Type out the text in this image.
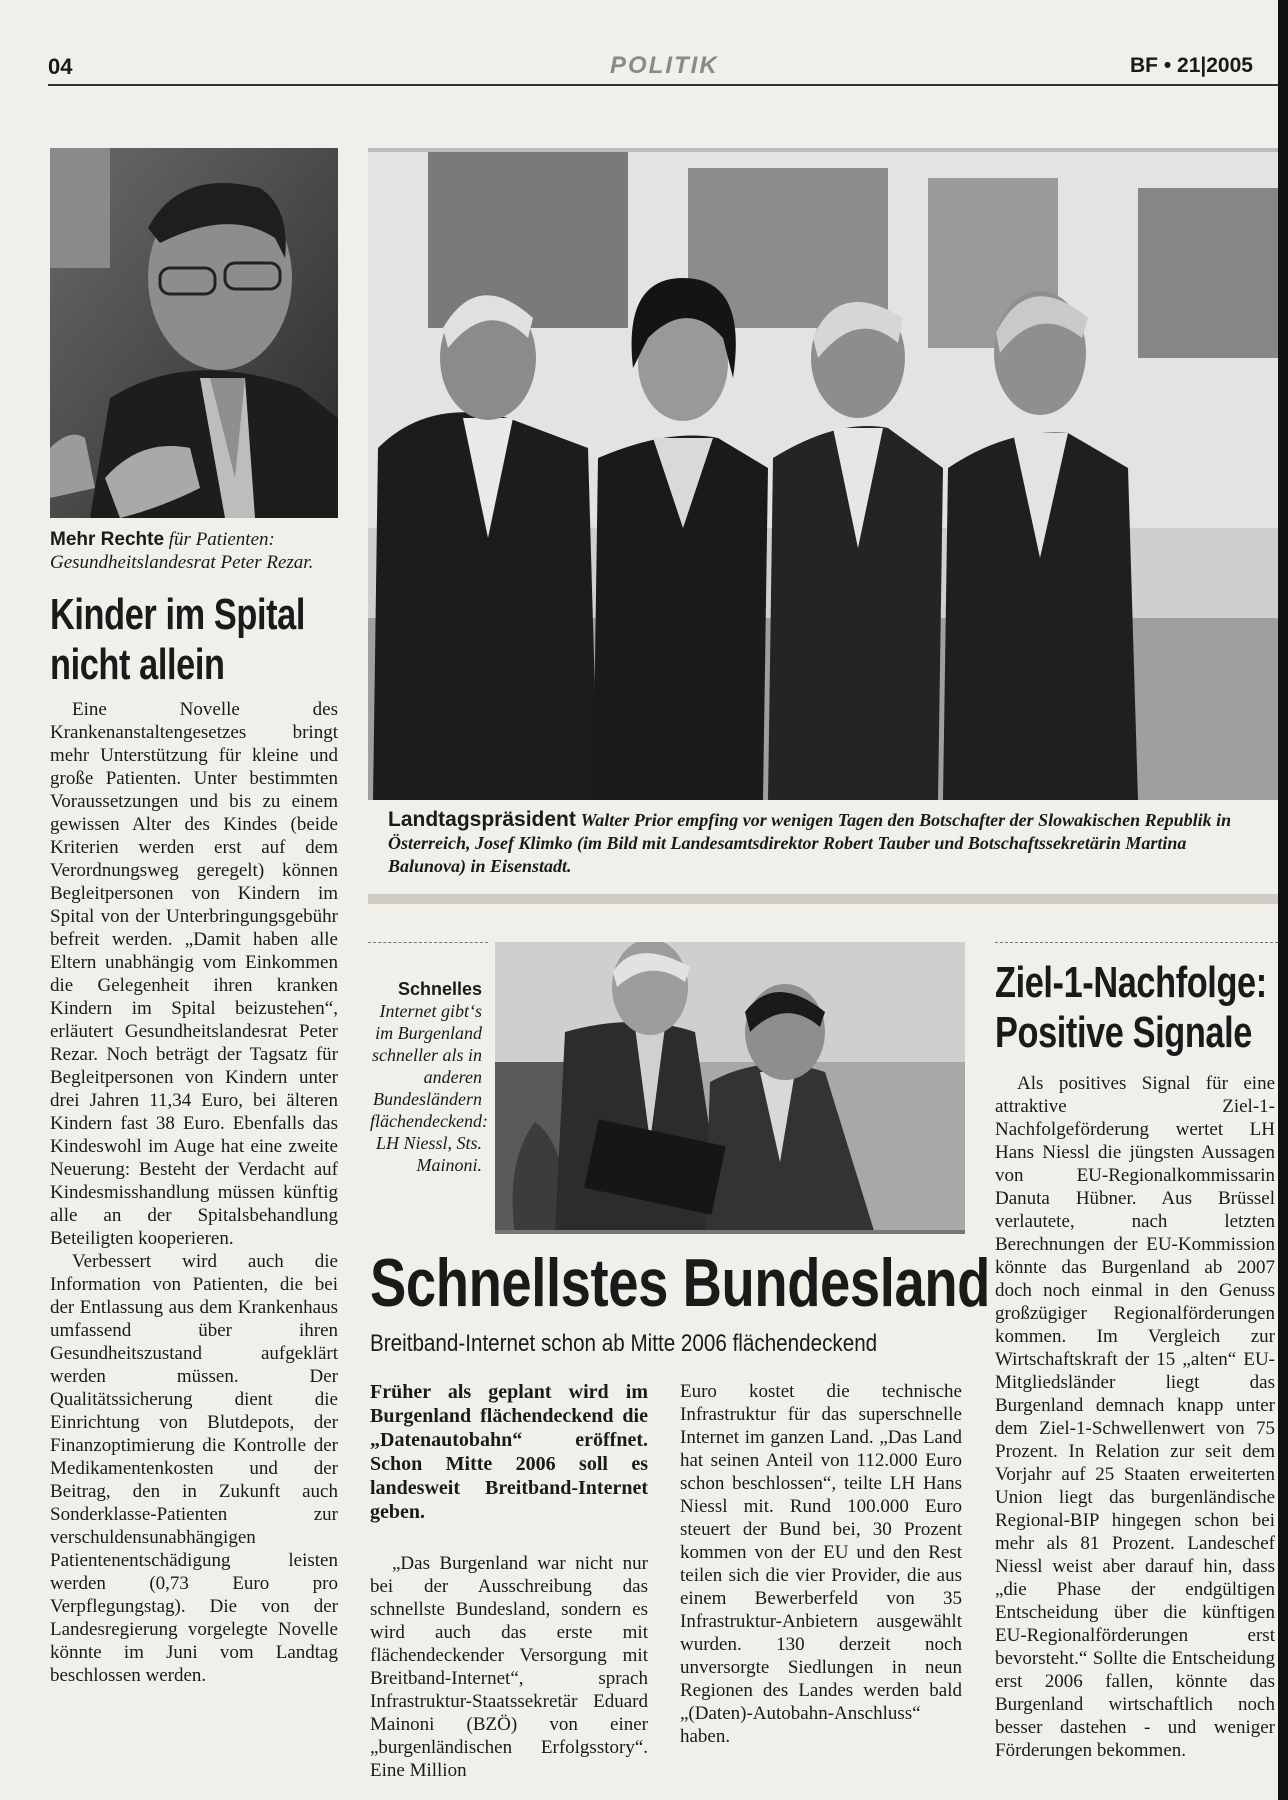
04	POLITIK	BF • 21|2005
Mehr Rechte für Patienten: Gesundheitslandesrat Peter Rezar.
Kinder im Spital
nicht allein

Eine Novelle des Krankenanstaltengesetzes bringt mehr Unterstützung für kleine und große Patienten. Unter bestimmten Voraussetzungen und bis zu einem gewissen Alter des Kindes (beide Kriterien werden erst auf dem Verordnungsweg geregelt) können Begleitpersonen von Kindern im Spital von der Unterbringungsgebühr befreit werden. „Damit haben alle Eltern unabhängig vom Einkommen die Gelegenheit ihren kranken Kindern im Spital beizustehen“, erläutert Gesundheitslandesrat Peter Rezar. Noch beträgt der Tagsatz für Begleitpersonen von Kindern unter drei Jahren 11,34 Euro, bei älteren Kindern fast 38 Euro. Ebenfalls das Kindeswohl im Auge hat eine zweite Neuerung: Besteht der Verdacht auf Kindesmisshandlung müssen künftig alle an der Spitalsbehandlung Beteiligten kooperieren.

Verbessert wird auch die Information von Patienten, die bei der Entlassung aus dem Krankenhaus umfassend über ihren Gesundheitszustand aufgeklärt werden müssen. Der Qualitätssicherung dient die Einrichtung von Blutdepots, der Finanzoptimierung die Kontrolle der Medikamentenkosten und der Beitrag, den in Zukunft auch Sonderklasse-Patienten zur verschuldensunabhängigen Patientenentschädigung leisten werden (0,73 Euro pro Verpflegungstag). Die von der Landesregierung vorgelegte Novelle könnte im Juni vom Landtag beschlossen werden.

Landtagspräsident Walter Prior empfing vor wenigen Tagen den Botschafter der Slowakischen Republik in Österreich, Josef Klimko (im Bild mit Landesamtsdirektor Robert Tauber und Botschaftssekretärin Martina Balunova) in Eisenstadt.
Schnelles Internet gibt‘s im Burgenland schneller als in anderen Bundesländern flächendeckend: LH Niessl, Sts. Mainoni.
Schnellstes Bundesland
Breitband-Internet schon ab Mitte 2006 flächendeckend

Früher als geplant wird im Burgenland flächendeckend die „Datenautobahn“ eröffnet. Schon Mitte 2006 soll es landesweit Breitband-Internet geben.

„Das Burgenland war nicht nur bei der Ausschreibung das schnellste Bundesland, sondern es wird auch das erste mit flächendeckender Versorgung mit Breitband-Internet“, sprach Infrastruktur-Staatssekretär Eduard Mainoni (BZÖ) von einer „burgenländischen Erfolgsstory“. Eine Million

Euro kostet die technische Infrastruktur für das superschnelle Internet im ganzen Land. „Das Land hat seinen Anteil von 112.000 Euro schon beschlossen“, teilte LH Hans Niessl mit. Rund 100.000 Euro steuert der Bund bei, 30 Prozent kommen von der EU und den Rest teilen sich die vier Provider, die aus einem Bewerberfeld von 35 Infrastruktur-Anbietern ausgewählt wurden. 130 derzeit noch unversorgte Siedlungen in neun Regionen des Landes werden bald „(Daten)-Autobahn-Anschluss“ haben.

Ziel-1-Nachfolge:
Positive Signale

Als positives Signal für eine attraktive Ziel-1-Nachfolgeförderung wertet LH Hans Niessl die jüngsten Aussagen von EU-Regionalkommissarin Danuta Hübner. Aus Brüssel verlautete, nach letzten Berechnungen der EU-Kommission könnte das Burgenland ab 2007 doch noch einmal in den Genuss großzügiger Regionalförderungen kommen. Im Vergleich zur Wirtschaftskraft der 15 „alten“ EU-Mitgliedsländer liegt das Burgenland demnach knapp unter dem Ziel-1-Schwellenwert von 75 Prozent. In Relation zur seit dem Vorjahr auf 25 Staaten erweiterten Union liegt das burgenländische Regional-BIP hingegen schon bei mehr als 81 Prozent. Landeschef Niessl weist aber darauf hin, dass „die Phase der endgültigen Entscheidung über die künftigen EU-Regionalförderungen erst bevorsteht.“ Sollte die Entscheidung erst 2006 fallen, könnte das Burgenland wirtschaftlich noch besser dastehen - und weniger Förderungen bekommen.
